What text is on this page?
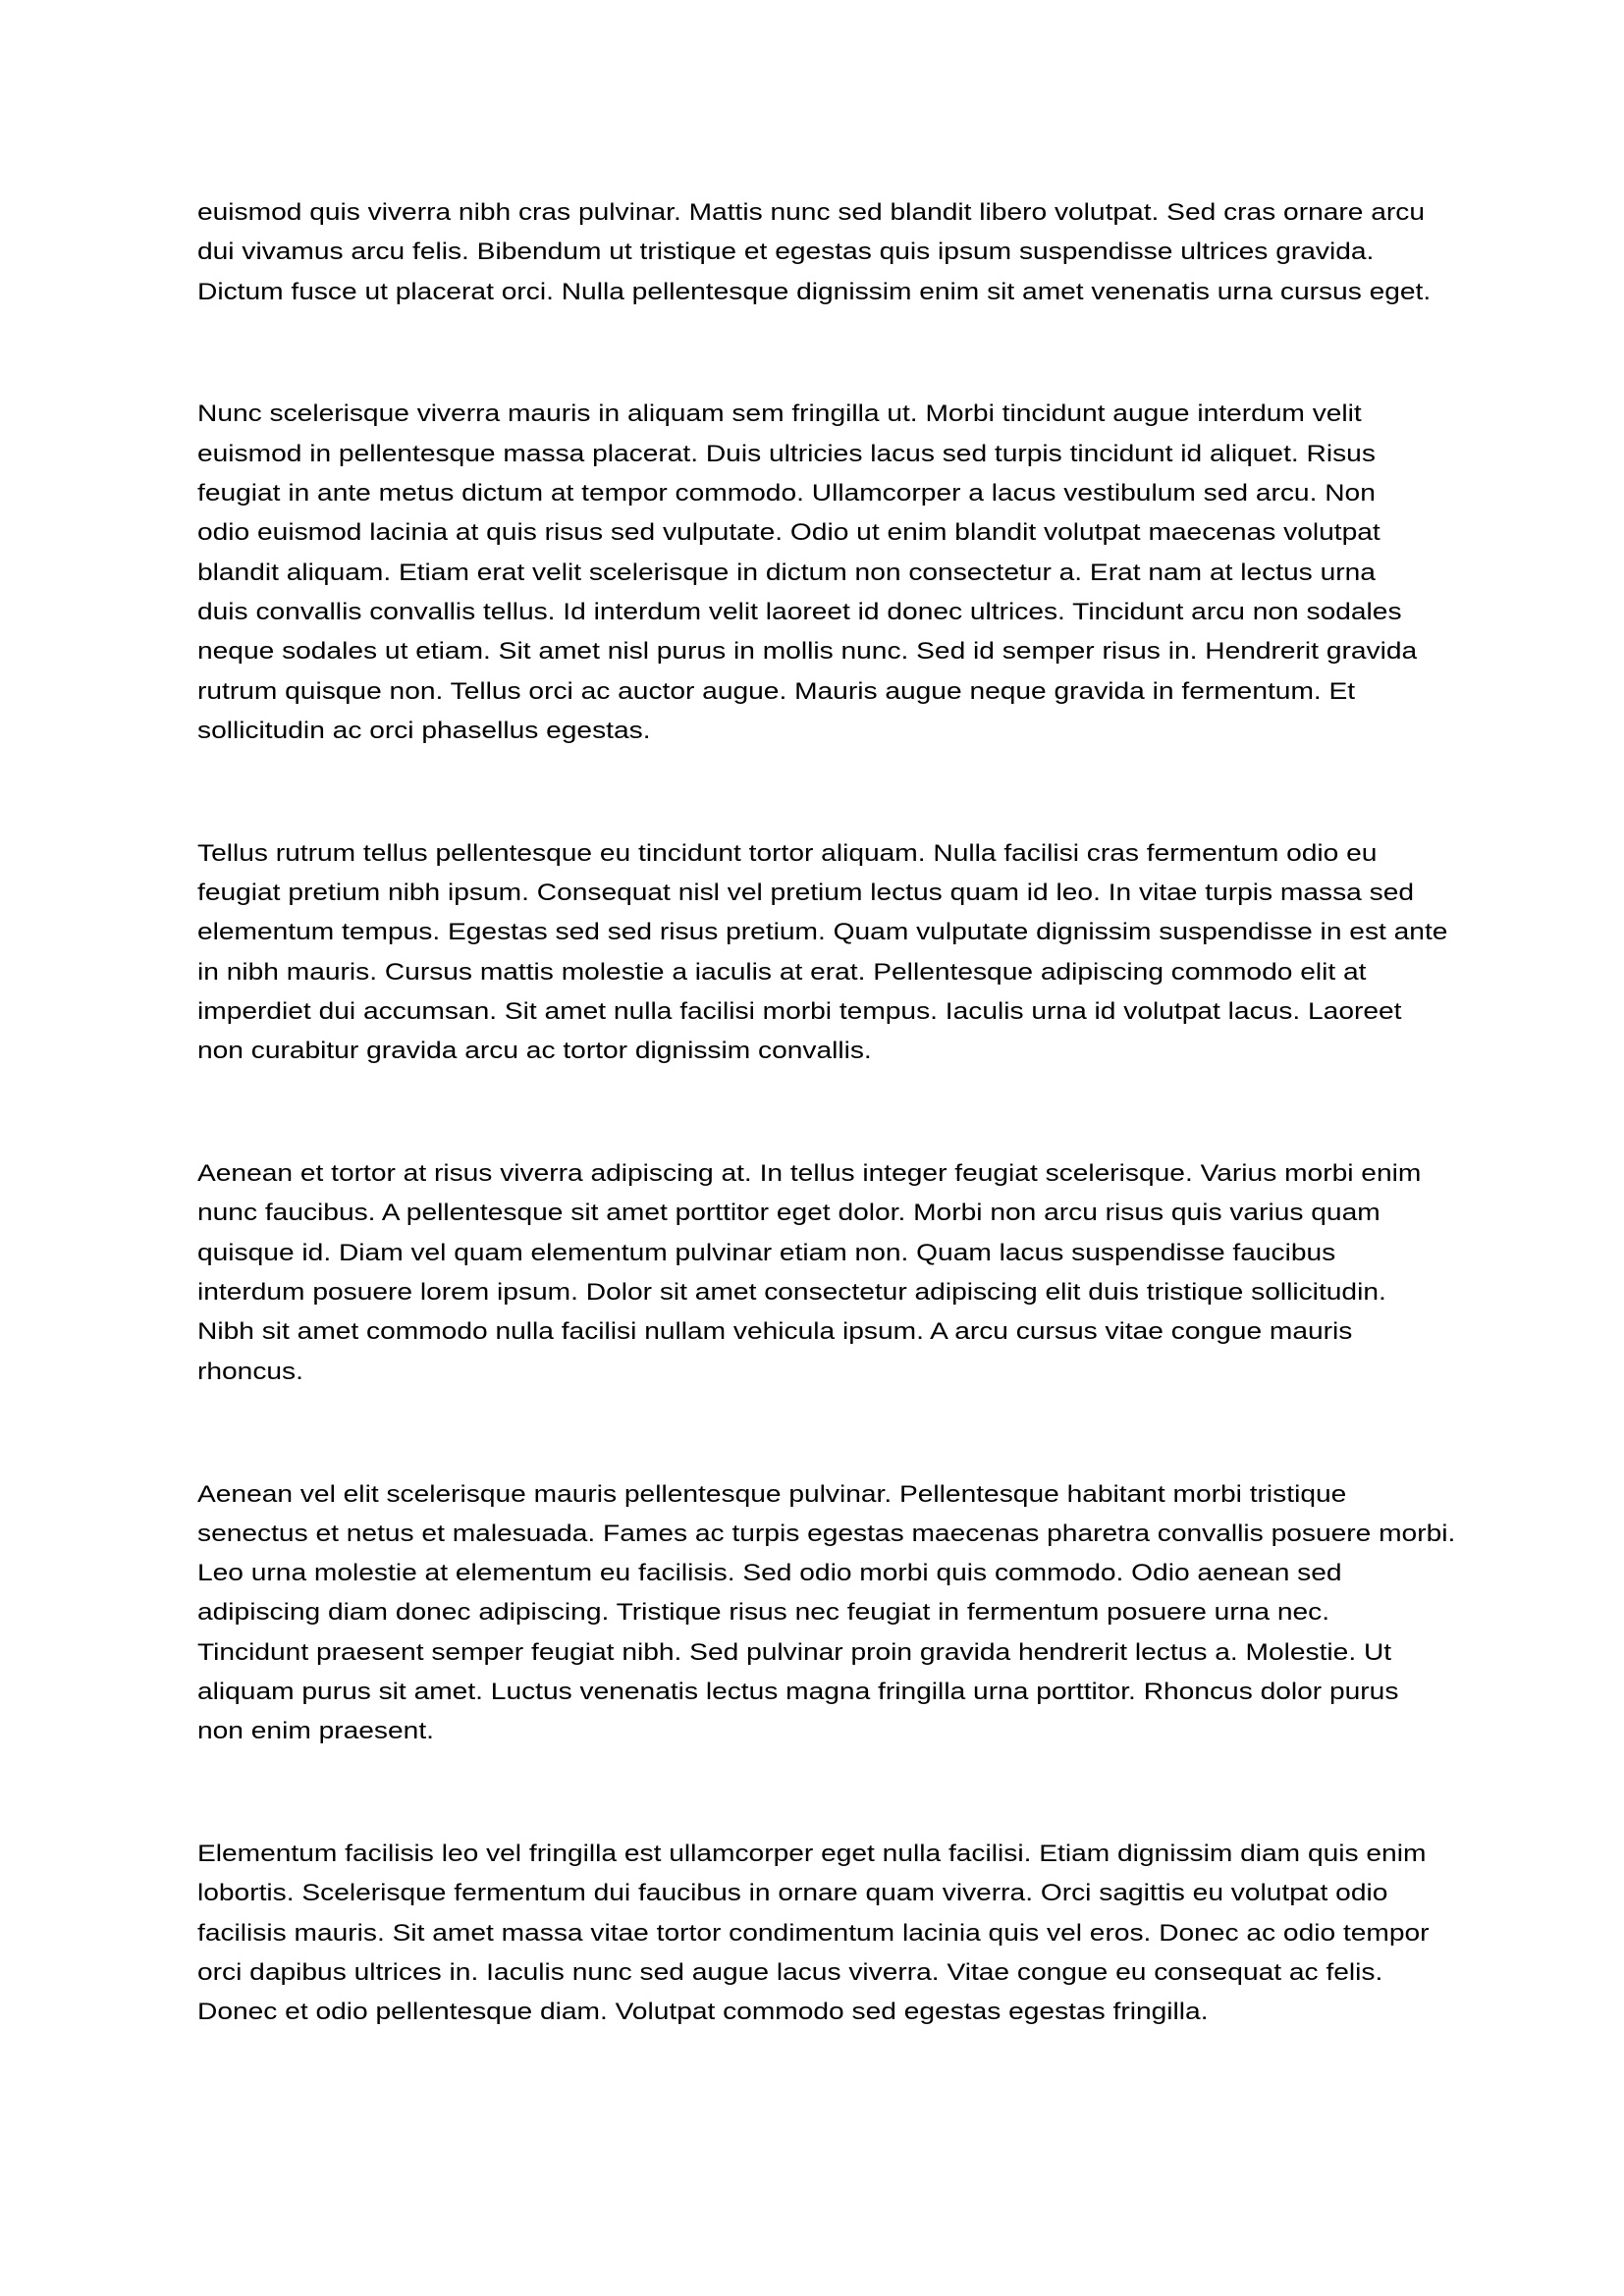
euismod quis viverra nibh cras pulvinar. Mattis nunc sed blandit libero volutpat. Sed cras ornare arcu
dui vivamus arcu felis. Bibendum ut tristique et egestas quis ipsum suspendisse ultrices gravida.
Dictum fusce ut placerat orci. Nulla pellentesque dignissim enim sit amet venenatis urna cursus eget.

Nunc scelerisque viverra mauris in aliquam sem fringilla ut. Morbi tincidunt augue interdum velit
euismod in pellentesque massa placerat. Duis ultricies lacus sed turpis tincidunt id aliquet. Risus
feugiat in ante metus dictum at tempor commodo. Ullamcorper a lacus vestibulum sed arcu. Non
odio euismod lacinia at quis risus sed vulputate. Odio ut enim blandit volutpat maecenas volutpat
blandit aliquam. Etiam erat velit scelerisque in dictum non consectetur a. Erat nam at lectus urna
duis convallis convallis tellus. Id interdum velit laoreet id donec ultrices. Tincidunt arcu non sodales
neque sodales ut etiam. Sit amet nisl purus in mollis nunc. Sed id semper risus in. Hendrerit gravida
rutrum quisque non. Tellus orci ac auctor augue. Mauris augue neque gravida in fermentum. Et
sollicitudin ac orci phasellus egestas.

Tellus rutrum tellus pellentesque eu tincidunt tortor aliquam. Nulla facilisi cras fermentum odio eu
feugiat pretium nibh ipsum. Consequat nisl vel pretium lectus quam id leo. In vitae turpis massa sed
elementum tempus. Egestas sed sed risus pretium. Quam vulputate dignissim suspendisse in est ante
in nibh mauris. Cursus mattis molestie a iaculis at erat. Pellentesque adipiscing commodo elit at
imperdiet dui accumsan. Sit amet nulla facilisi morbi tempus. Iaculis urna id volutpat lacus. Laoreet
non curabitur gravida arcu ac tortor dignissim convallis.

Aenean et tortor at risus viverra adipiscing at. In tellus integer feugiat scelerisque. Varius morbi enim
nunc faucibus. A pellentesque sit amet porttitor eget dolor. Morbi non arcu risus quis varius quam
quisque id. Diam vel quam elementum pulvinar etiam non. Quam lacus suspendisse faucibus
interdum posuere lorem ipsum. Dolor sit amet consectetur adipiscing elit duis tristique sollicitudin.
Nibh sit amet commodo nulla facilisi nullam vehicula ipsum. A arcu cursus vitae congue mauris
rhoncus.

Aenean vel elit scelerisque mauris pellentesque pulvinar. Pellentesque habitant morbi tristique
senectus et netus et malesuada. Fames ac turpis egestas maecenas pharetra convallis posuere morbi.
Leo urna molestie at elementum eu facilisis. Sed odio morbi quis commodo. Odio aenean sed
adipiscing diam donec adipiscing. Tristique risus nec feugiat in fermentum posuere urna nec.
Tincidunt praesent semper feugiat nibh. Sed pulvinar proin gravida hendrerit lectus a. Molestie. Ut
aliquam purus sit amet. Luctus venenatis lectus magna fringilla urna porttitor. Rhoncus dolor purus
non enim praesent.

Elementum facilisis leo vel fringilla est ullamcorper eget nulla facilisi. Etiam dignissim diam quis enim
lobortis. Scelerisque fermentum dui faucibus in ornare quam viverra. Orci sagittis eu volutpat odio
facilisis mauris. Sit amet massa vitae tortor condimentum lacinia quis vel eros. Donec ac odio tempor
orci dapibus ultrices in. Iaculis nunc sed augue lacus viverra. Vitae congue eu consequat ac felis.
Donec et odio pellentesque diam. Volutpat commodo sed egestas egestas fringilla.
